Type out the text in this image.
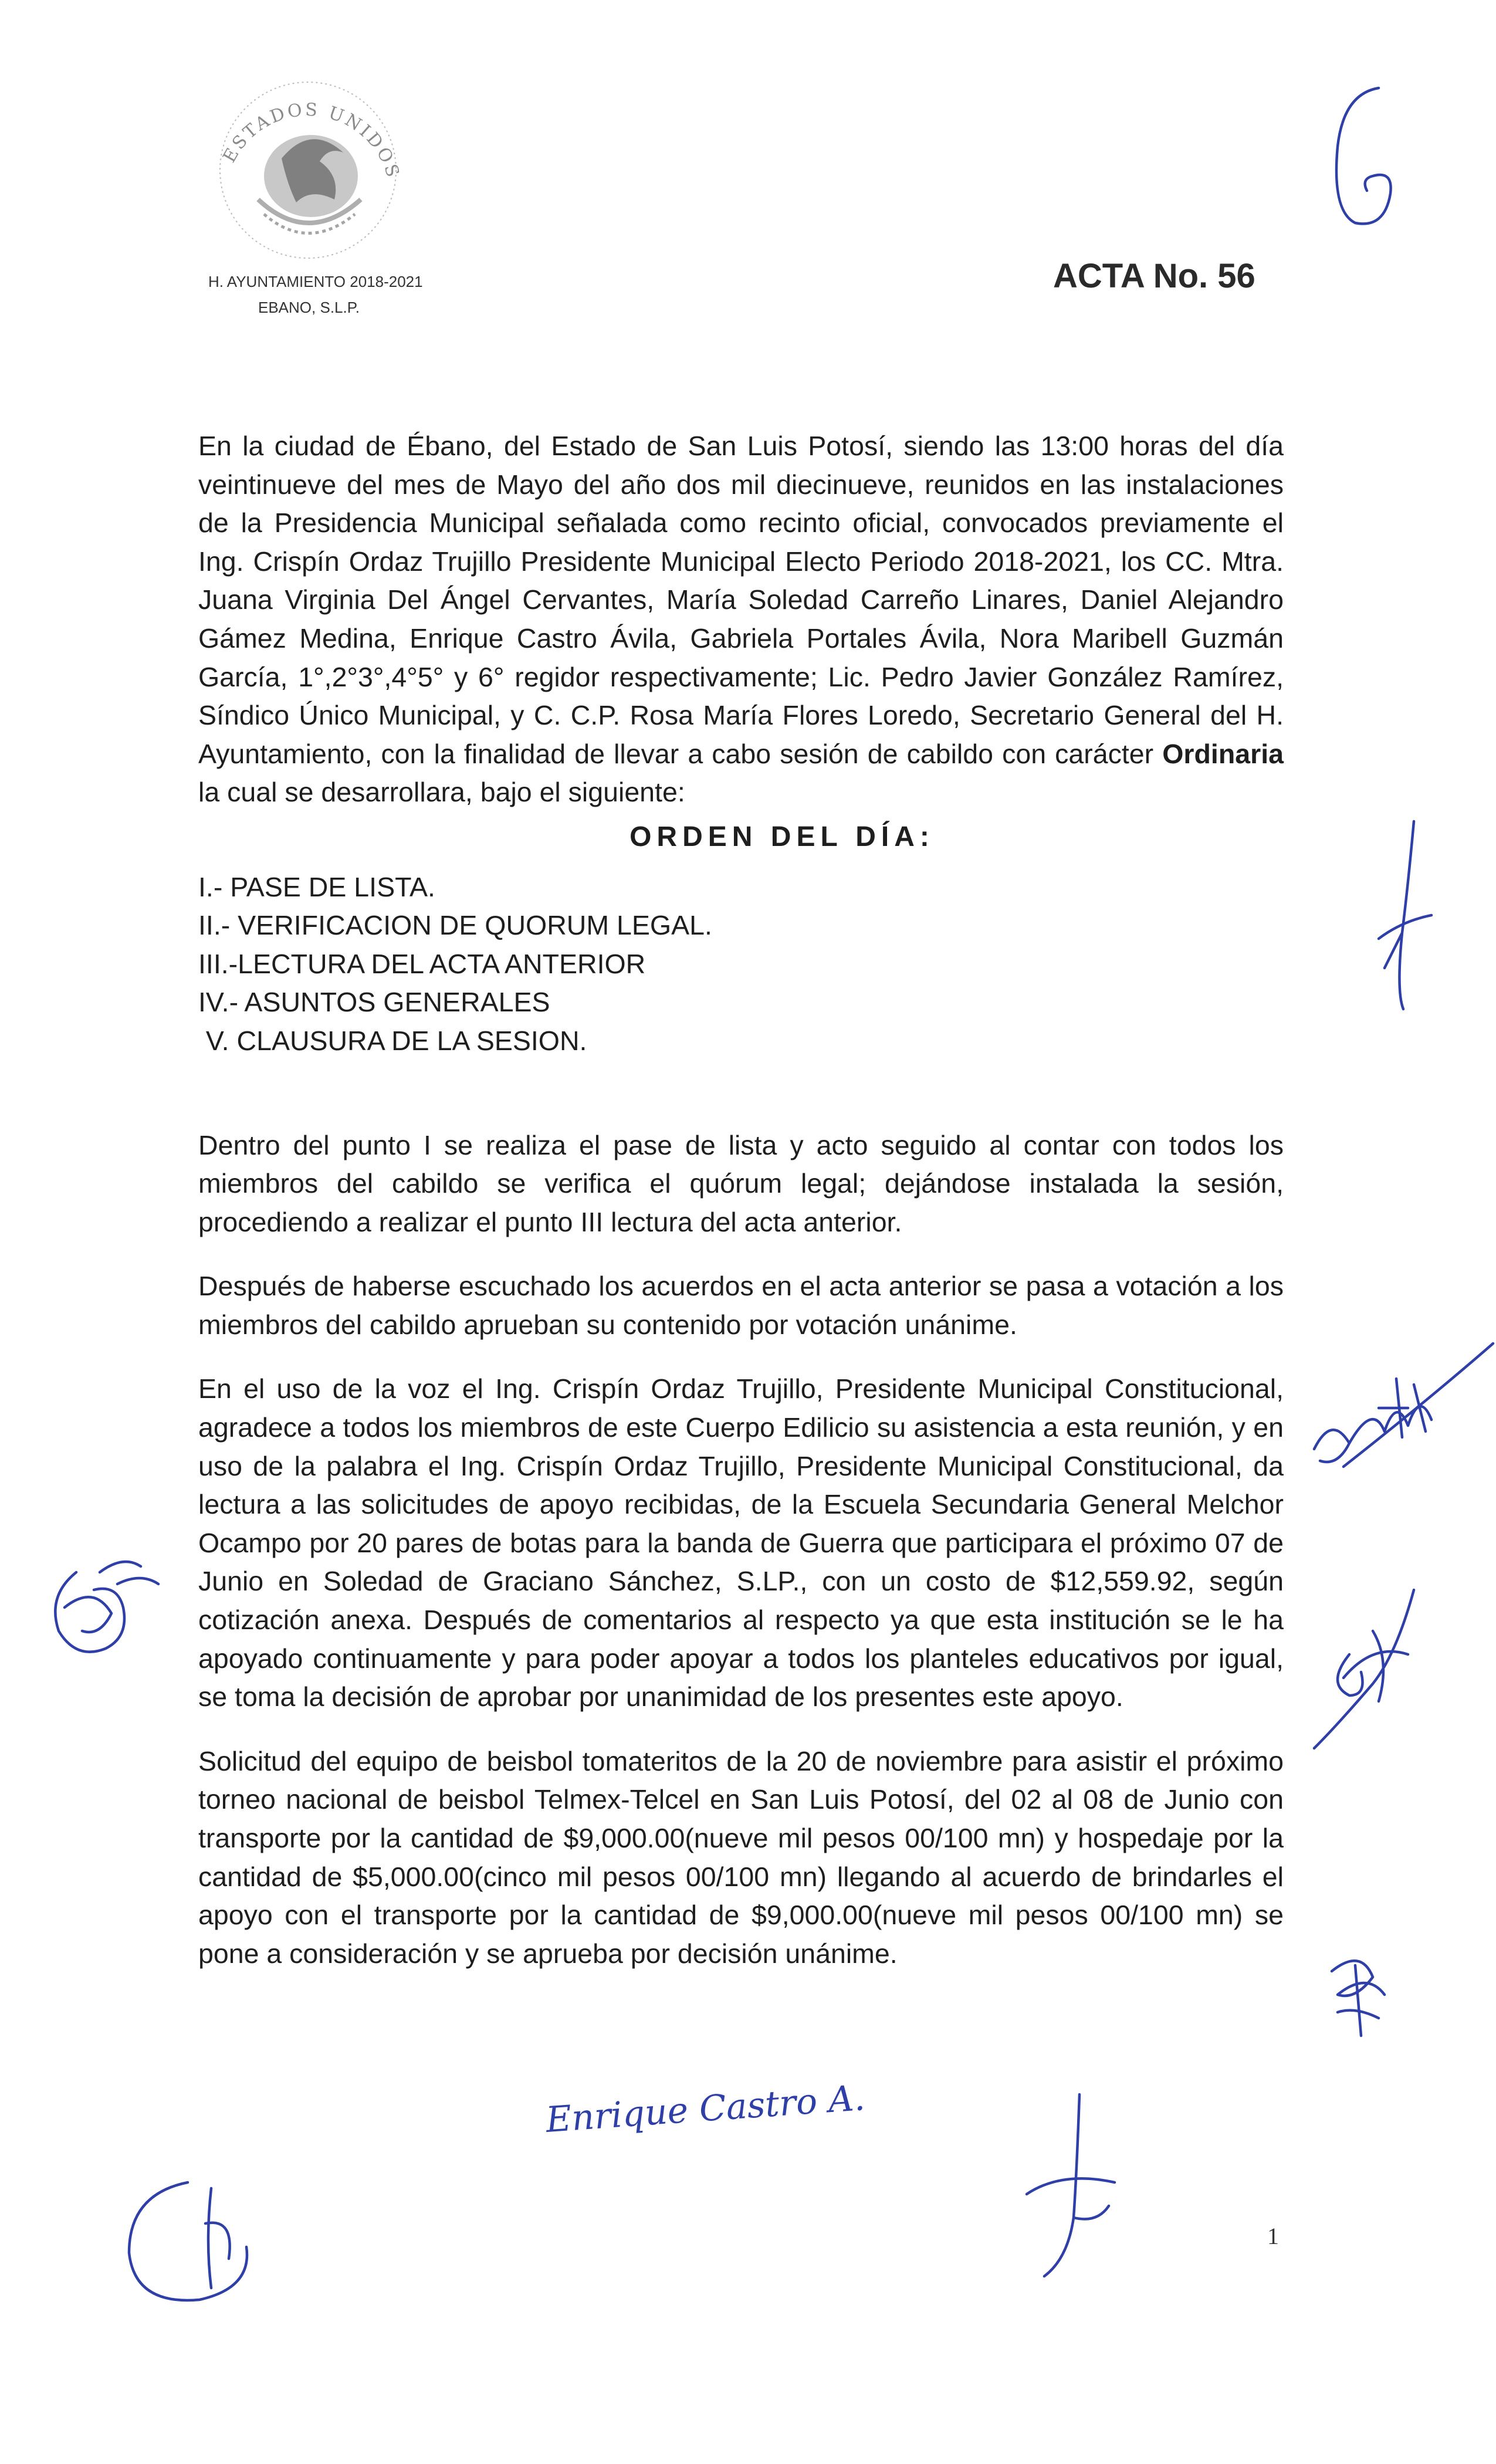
ESTADOS UNIDOS
H. AYUNTAMIENTO 2018-2021
EBANO, S.L.P.
ACTA No. 56

En la ciudad de Ébano, del Estado de San Luis Potosí, siendo las 13:00 horas del día veintinueve del mes de Mayo del año dos mil diecinueve, reunidos en las instalaciones de la Presidencia Municipal señalada como recinto oficial, convocados previamente el Ing. Crispín Ordaz Trujillo Presidente Municipal Electo Periodo 2018-2021, los CC. Mtra. Juana Virginia Del Ángel Cervantes, María Soledad Carreño Linares, Daniel Alejandro Gámez Medina, Enrique Castro Ávila, Gabriela Portales Ávila, Nora Maribell Guzmán García, 1°,2°3°,4°5° y 6° regidor respectivamente; Lic. Pedro Javier González Ramírez, Síndico Único Municipal, y C. C.P. Rosa María Flores Loredo, Secretario General del H. Ayuntamiento, con la finalidad de llevar a cabo sesión de cabildo con carácter Ordinaria la cual se desarrollara, bajo el siguiente:

ORDEN DEL DÍA:
I.- PASE DE LISTA.
II.- VERIFICACION DE QUORUM LEGAL.
III.-LECTURA DEL ACTA ANTERIOR
IV.- ASUNTOS GENERALES
V. CLAUSURA DE LA SESION.

Dentro del punto I se realiza el pase de lista y acto seguido al contar con todos los miembros del cabildo se verifica el quórum legal; dejándose instalada la sesión, procediendo a realizar el punto III lectura del acta anterior.

Después de haberse escuchado los acuerdos en el acta anterior se pasa a votación a los miembros del cabildo aprueban su contenido por votación unánime.

En el uso de la voz el Ing. Crispín Ordaz Trujillo, Presidente Municipal Constitucional, agradece a todos los miembros de este Cuerpo Edilicio su asistencia a esta reunión, y en uso de la palabra el Ing. Crispín Ordaz Trujillo, Presidente Municipal Constitucional, da lectura a las solicitudes de apoyo recibidas, de la Escuela Secundaria General Melchor Ocampo por 20 pares de botas para la banda de Guerra que participara el próximo 07 de Junio en Soledad de Graciano Sánchez, S.LP., con un costo de $12,559.92, según cotización anexa. Después de comentarios al respecto ya que esta institución se le ha apoyado continuamente y para poder apoyar a todos los planteles educativos por igual, se toma la decisión de aprobar por unanimidad de los presentes este apoyo.

Solicitud del equipo de beisbol tomateritos de la 20 de noviembre para asistir el próximo torneo nacional de beisbol Telmex-Telcel en San Luis Potosí, del 02 al 08 de Junio con transporte por la cantidad de $9,000.00(nueve mil pesos 00/100 mn) y hospedaje por la cantidad de $5,000.00(cinco mil pesos 00/100 mn) llegando al acuerdo de brindarles el apoyo con el transporte por la cantidad de $9,000.00(nueve mil pesos 00/100 mn) se pone a consideración y se aprueba por decisión unánime.

Enrique Castro A.
1
